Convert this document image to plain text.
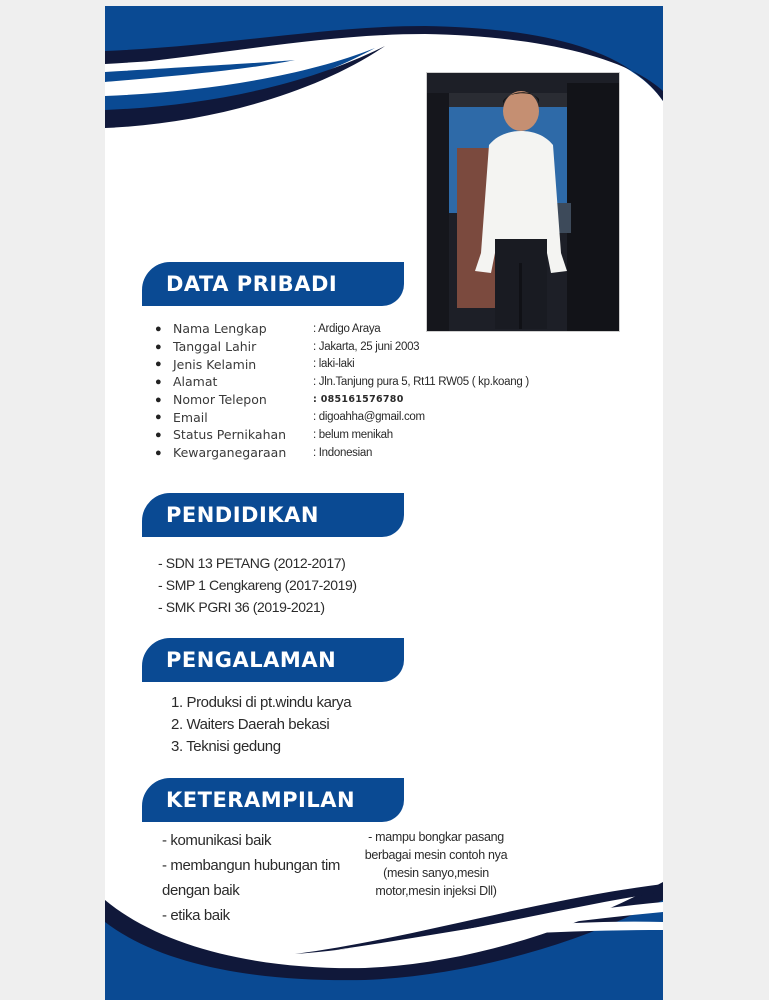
DATA PRIBADI
● Nama Lengkap	: Ardigo Araya
● Tanggal Lahir	: Jakarta, 25 juni 2003
● Jenis Kelamin	: laki-laki
● Alamat	: Jln.Tanjung pura 5, Rt11 RW05 ( kp.koang )
● Nomor Telepon	: 085161576780
● Email	: digoahha@gmail.com
● Status Pernikahan	: belum menikah
● Kewarganegaraan	: Indonesian
PENDIDIKAN
- SDN 13 PETANG (2012-2017)
- SMP 1 Cengkareng (2017-2019)
- SMK PGRI 36 (2019-2021)
PENGALAMAN
1. Produksi di pt.windu karya
2. Waiters Daerah bekasi
3. Teknisi gedung
KETERAMPILAN
- komunikasi baik
- membangun hubungan tim
dengan baik
- etika baik
- mampu bongkar pasang
berbagai mesin contoh nya
(mesin sanyo,mesin
motor,mesin injeksi Dll)
